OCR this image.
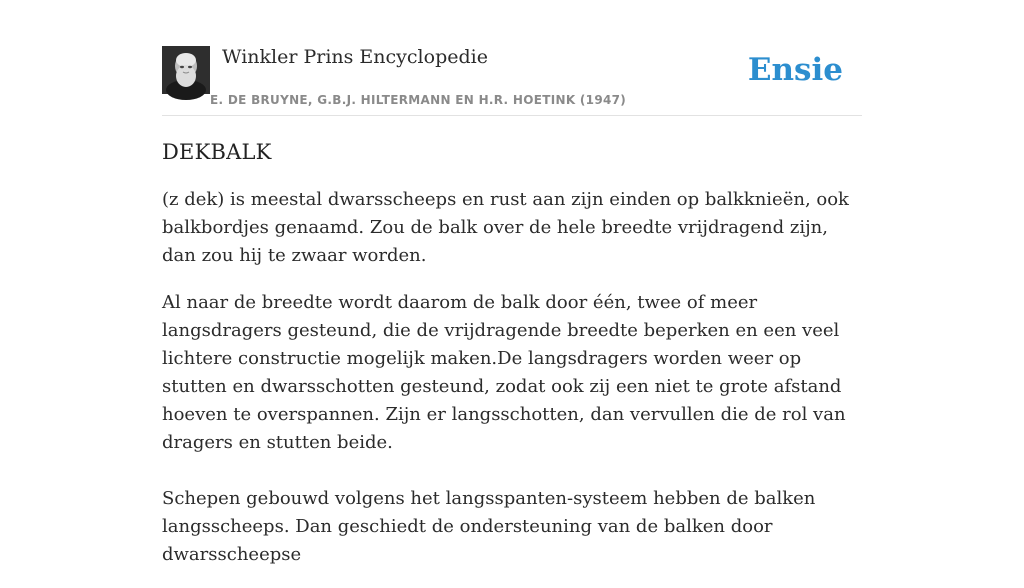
Winkler Prins Encyclopedie
E. DE BRUYNE, G.B.J. HILTERMANN EN H.R. HOETINK (1947)
Ensie
DEKBALK

(z dek) is meestal dwarsscheeps en rust aan zijn einden op balkknieën, ook balkbordjes genaamd. Zou de balk over de hele breedte vrijdragend zijn, dan zou hij te zwaar worden.

Al naar de breedte wordt daarom de balk door één, twee of meer langsdragers gesteund, die de vrijdragende breedte beperken en een veel lichtere constructie mogelijk maken.De langsdragers worden weer op stutten en dwarsschotten gesteund, zodat ook zij een niet te grote afstand hoeven te overspannen. Zijn er langsschotten, dan vervullen die de rol van dragers en stutten beide.

Schepen gebouwd volgens het langsspanten-systeem hebben de balken langsscheeps. Dan geschiedt de ondersteuning van de balken door dwarsscheepse
